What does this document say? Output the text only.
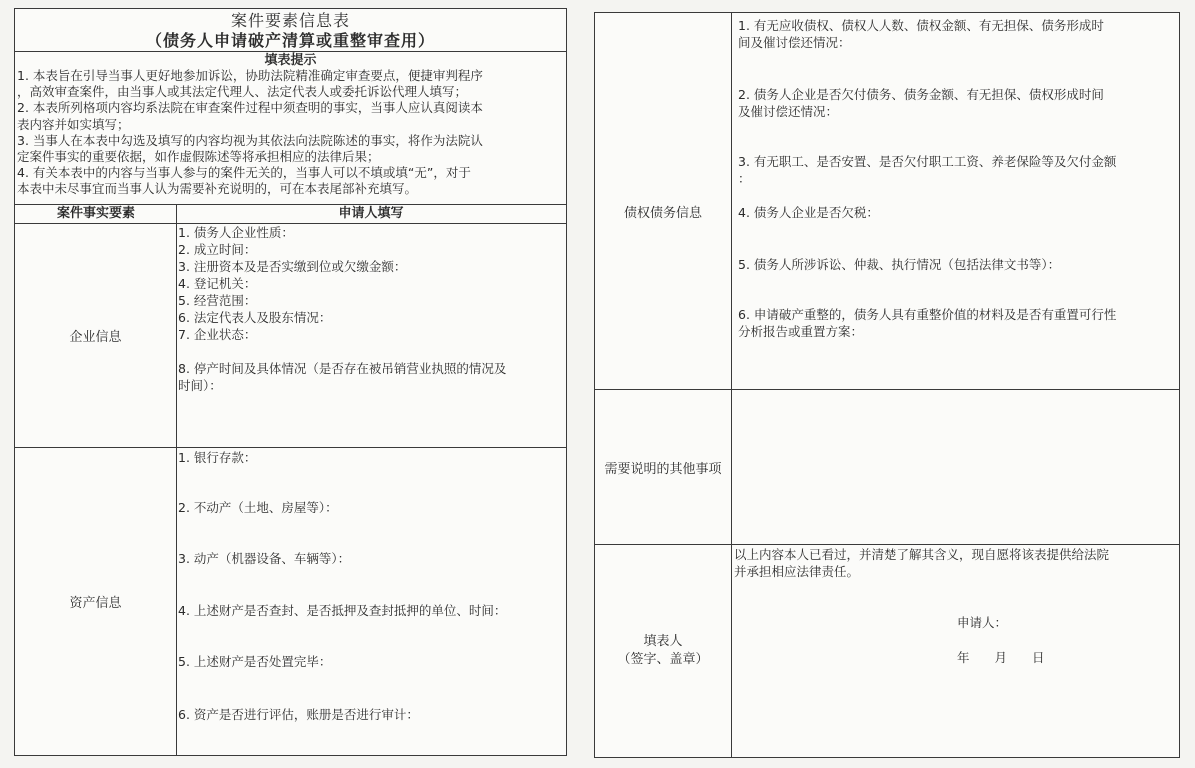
案件要素信息表
（债务人申请破产清算或重整审查用）
填表提示
1. 本表旨在引导当事人更好地参加诉讼，协助法院精准确定审查要点，便捷审判程序
，高效审查案件，由当事人或其法定代理人、法定代表人或委托诉讼代理人填写；
2. 本表所列格项内容均系法院在审查案件过程中须查明的事实，当事人应认真阅读本
表内容并如实填写；
3. 当事人在本表中勾选及填写的内容均视为其依法向法院陈述的事实，将作为法院认
定案件事实的重要依据，如作虚假陈述等将承担相应的法律后果；
4. 有关本表中的内容与当事人参与的案件无关的，当事人可以不填或填“无”，对于
本表中未尽事宜而当事人认为需要补充说明的，可在本表尾部补充填写。
案件事实要素	申请人填写
企业信息
1. 债务人企业性质：
2. 成立时间：
3. 注册资本及是否实缴到位或欠缴金额：
4. 登记机关：
5. 经营范围：
6. 法定代表人及股东情况：
7. 企业状态：
8. 停产时间及具体情况（是否存在被吊销营业执照的情况及
时间）：
资产信息
1. 银行存款：
2. 不动产（土地、房屋等）：
3. 动产（机器设备、车辆等）：
4. 上述财产是否查封、是否抵押及查封抵押的单位、时间：
5. 上述财产是否处置完毕：
6. 资产是否进行评估，账册是否进行审计：
债权债务信息
1. 有无应收债权、债权人人数、债权金额、有无担保、债务形成时
间及催讨偿还情况：
2. 债务人企业是否欠付债务、债务金额、有无担保、债权形成时间
及催讨偿还情况：
3. 有无职工、是否安置、是否欠付职工工资、养老保险等及欠付金额
：
4. 债务人企业是否欠税：
5. 债务人所涉诉讼、仲裁、执行情况（包括法律文书等）：
6. 申请破产重整的，债务人具有重整价值的材料及是否有重置可行性
分析报告或重置方案：
需要说明的其他事项
填表人
（签字、盖章）
以上内容本人已看过，并清楚了解其含义，现自愿将该表提供给法院
并承担相应法律责任。
申请人：
年　　月　　日
